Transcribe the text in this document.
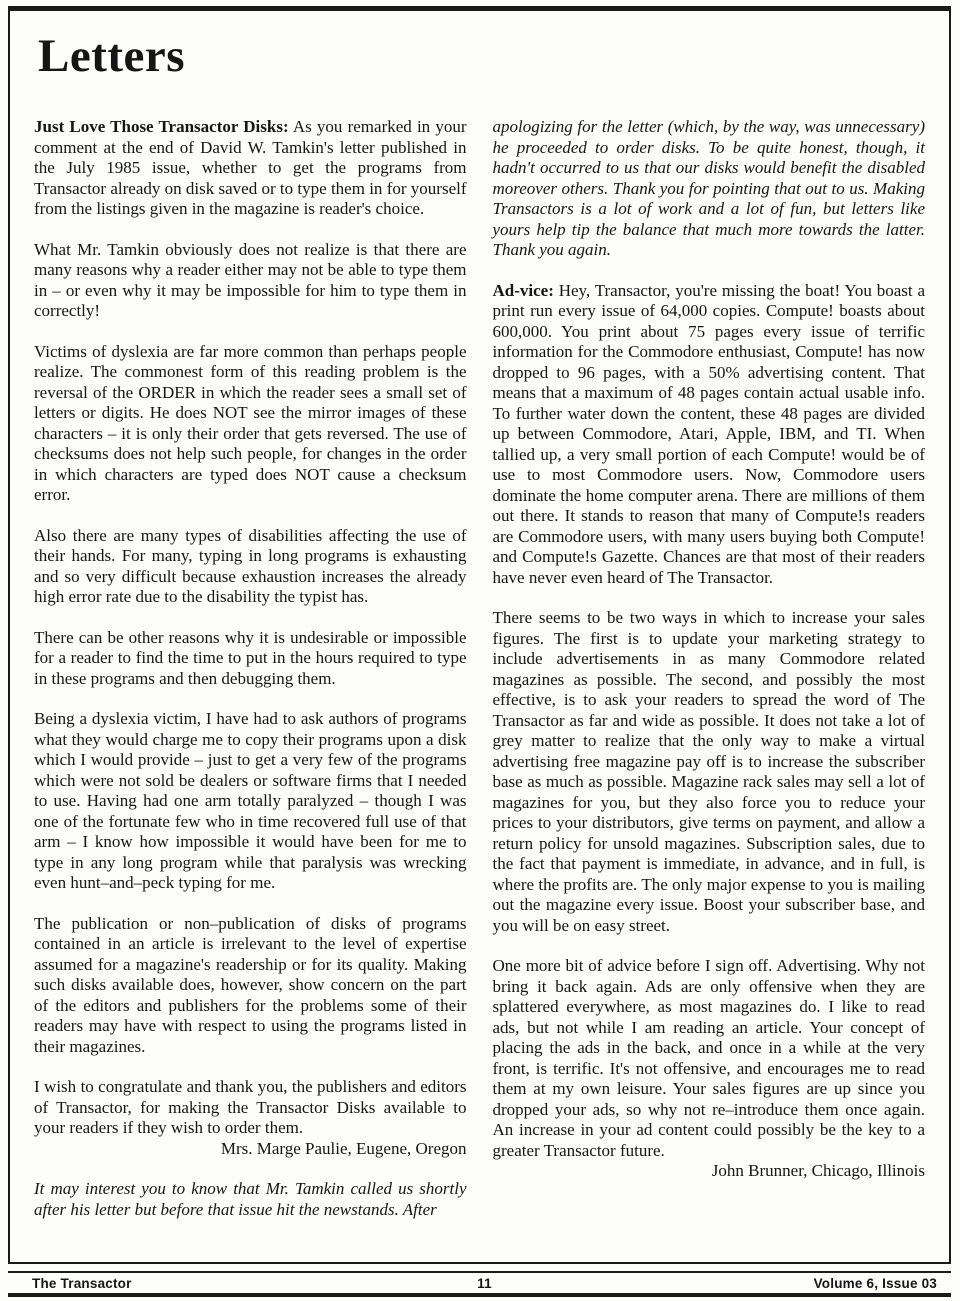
Letters

Just Love Those Transactor Disks: As you remarked in your comment at the end of David W. Tamkin's letter published in the July 1985 issue, whether to get the programs from Transactor already on disk saved or to type them in for yourself from the listings given in the magazine is reader's choice.

What Mr. Tamkin obviously does not realize is that there are many reasons why a reader either may not be able to type them in – or even why it may be impossible for him to type them in correctly!

Victims of dyslexia are far more common than perhaps people realize. The commonest form of this reading problem is the reversal of the ORDER in which the reader sees a small set of letters or digits. He does NOT see the mirror images of these characters – it is only their order that gets reversed. The use of checksums does not help such people, for changes in the order in which characters are typed does NOT cause a checksum error.

Also there are many types of disabilities affecting the use of their hands. For many, typing in long programs is exhausting and so very difficult because exhaustion increases the already high error rate due to the disability the typist has.

There can be other reasons why it is undesirable or impossible for a reader to find the time to put in the hours required to type in these programs and then debugging them.

Being a dyslexia victim, I have had to ask authors of programs what they would charge me to copy their programs upon a disk which I would provide – just to get a very few of the programs which were not sold be dealers or software firms that I needed to use. Having had one arm totally paralyzed – though I was one of the fortunate few who in time recovered full use of that arm – I know how impossible it would have been for me to type in any long program while that paralysis was wrecking even hunt–and–peck typing for me.

The publication or non–publication of disks of programs contained in an article is irrelevant to the level of expertise assumed for a magazine's readership or for its quality. Making such disks available does, however, show concern on the part of the editors and publishers for the problems some of their readers may have with respect to using the programs listed in their magazines.

I wish to congratulate and thank you, the publishers and editors of Transactor, for making the Transactor Disks available to your readers if they wish to order them.

Mrs. Marge Paulie, Eugene, Oregon

It may interest you to know that Mr. Tamkin called us shortly after his letter but before that issue hit the newstands. After

apologizing for the letter (which, by the way, was unnecessary) he proceeded to order disks. To be quite honest, though, it hadn't occurred to us that our disks would benefit the disabled moreover others. Thank you for pointing that out to us. Making Transactors is a lot of work and a lot of fun, but letters like yours help tip the balance that much more towards the latter. Thank you again.

Ad-vice: Hey, Transactor, you're missing the boat! You boast a print run every issue of 64,000 copies. Compute! boasts about 600,000. You print about 75 pages every issue of terrific information for the Commodore enthusiast, Compute! has now dropped to 96 pages, with a 50% advertising content. That means that a maximum of 48 pages contain actual usable info. To further water down the content, these 48 pages are divided up between Commodore, Atari, Apple, IBM, and TI. When tallied up, a very small portion of each Compute! would be of use to most Commodore users. Now, Commodore users dominate the home computer arena. There are millions of them out there. It stands to reason that many of Compute!s readers are Commodore users, with many users buying both Compute! and Compute!s Gazette. Chances are that most of their readers have never even heard of The Transactor.

There seems to be two ways in which to increase your sales figures. The first is to update your marketing strategy to include advertisements in as many Commodore related magazines as possible. The second, and possibly the most effective, is to ask your readers to spread the word of The Transactor as far and wide as possible. It does not take a lot of grey matter to realize that the only way to make a virtual advertising free magazine pay off is to increase the subscriber base as much as possible. Magazine rack sales may sell a lot of magazines for you, but they also force you to reduce your prices to your distributors, give terms on payment, and allow a return policy for unsold magazines. Subscription sales, due to the fact that payment is immediate, in advance, and in full, is where the profits are. The only major expense to you is mailing out the magazine every issue. Boost your subscriber base, and you will be on easy street.

One more bit of advice before I sign off. Advertising. Why not bring it back again. Ads are only offensive when they are splattered everywhere, as most magazines do. I like to read ads, but not while I am reading an article. Your concept of placing the ads in the back, and once in a while at the very front, is terrific. It's not offensive, and encourages me to read them at my own leisure. Your sales figures are up since you dropped your ads, so why not re–introduce them once again. An increase in your ad content could possibly be the key to a greater Transactor future.

John Brunner, Chicago, Illinois

The Transactor	11	Volume 6, Issue 03
